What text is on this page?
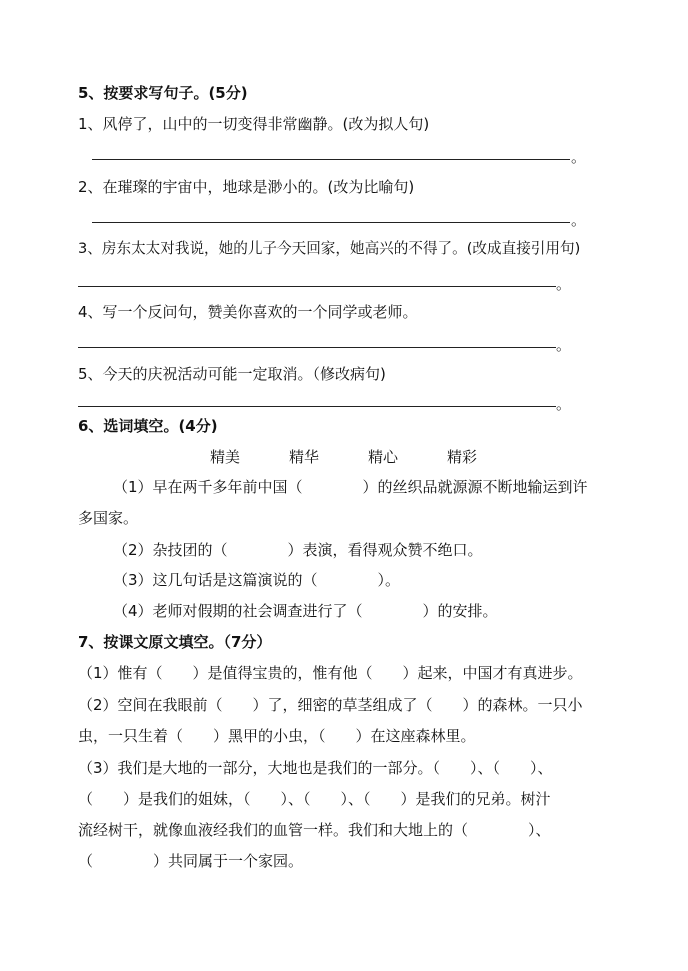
5、按要求写句子。(5分)
1、风停了，山中的一切变得非常幽静。(改为拟人句)
。
2、在璀璨的宇宙中，地球是渺小的。(改为比喻句)
。
3、房东太太对我说，她的儿子今天回家，她高兴的不得了。(改成直接引用句)
。
4、写一个反问句，赞美你喜欢的一个同学或老师。
。
5、今天的庆祝活动可能一定取消。（修改病句)
。
6、选词填空。(4分)
精美	精华	精心	精彩
（1）早在两千多年前中国（　　　　）的丝织品就源源不断地输运到许
多国家。
（2）杂技团的（　　　　）表演，看得观众赞不绝口。
（3）这几句话是这篇演说的（　　　　）。
（4）老师对假期的社会调查进行了（　　　　）的安排。
7、按课文原文填空。（7分）
（1）惟有（　　）是值得宝贵的，惟有他（　　）起来，中国才有真进步。
（2）空间在我眼前（　　）了，细密的草茎组成了（　　）的森林。一只小
虫，一只生着（　　）黑甲的小虫，（　　）在这座森林里。
（3）我们是大地的一部分，大地也是我们的一部分。（　　）、（　　）、
（　　）是我们的姐妹，（　　）、（　　）、（　　）是我们的兄弟。树汁
流经树干，就像血液经我们的血管一样。我们和大地上的（　　　　）、
（　　　　）共同属于一个家园。
